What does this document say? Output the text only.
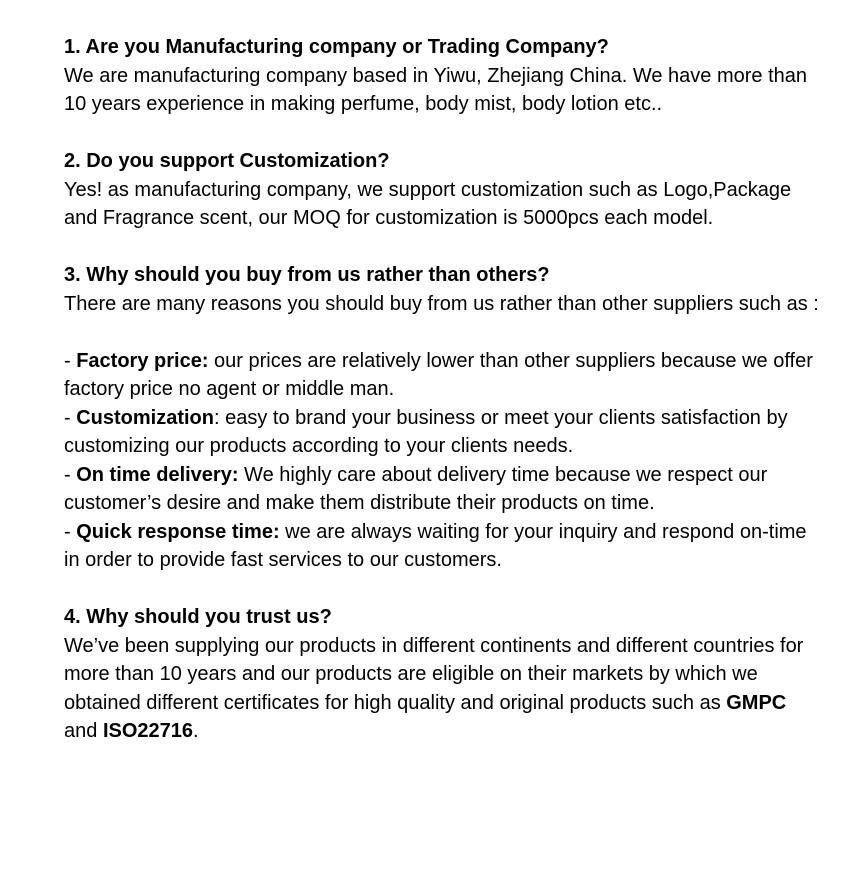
1. Are you Manufacturing company or Trading Company?
We are manufacturing company based in Yiwu, Zhejiang China. We have more than 10 years experience in making perfume, body mist, body lotion etc..
2. Do you support Customization?
Yes! as manufacturing company, we support customization such as Logo,Package and Fragrance scent, our MOQ for customization is 5000pcs each model.
3. Why should you buy from us rather than others?
There are many reasons you should buy from us rather than other suppliers such as :
- Factory price: our prices are relatively lower than other suppliers because we offer factory price no agent or middle man.
- Customization: easy to brand your business or meet your clients satisfaction by customizing our products according to your clients needs.
- On time delivery: We highly care about delivery time because we respect our customer’s desire and make them distribute their products on time.
- Quick response time: we are always waiting for your inquiry and respond on-time in order to provide fast services to our customers.
4. Why should you trust us?
We’ve been supplying our products in different continents and different countries for more than 10 years and our products are eligible on their markets by which we obtained different certificates for high quality and original products such as GMPC and ISO22716.
